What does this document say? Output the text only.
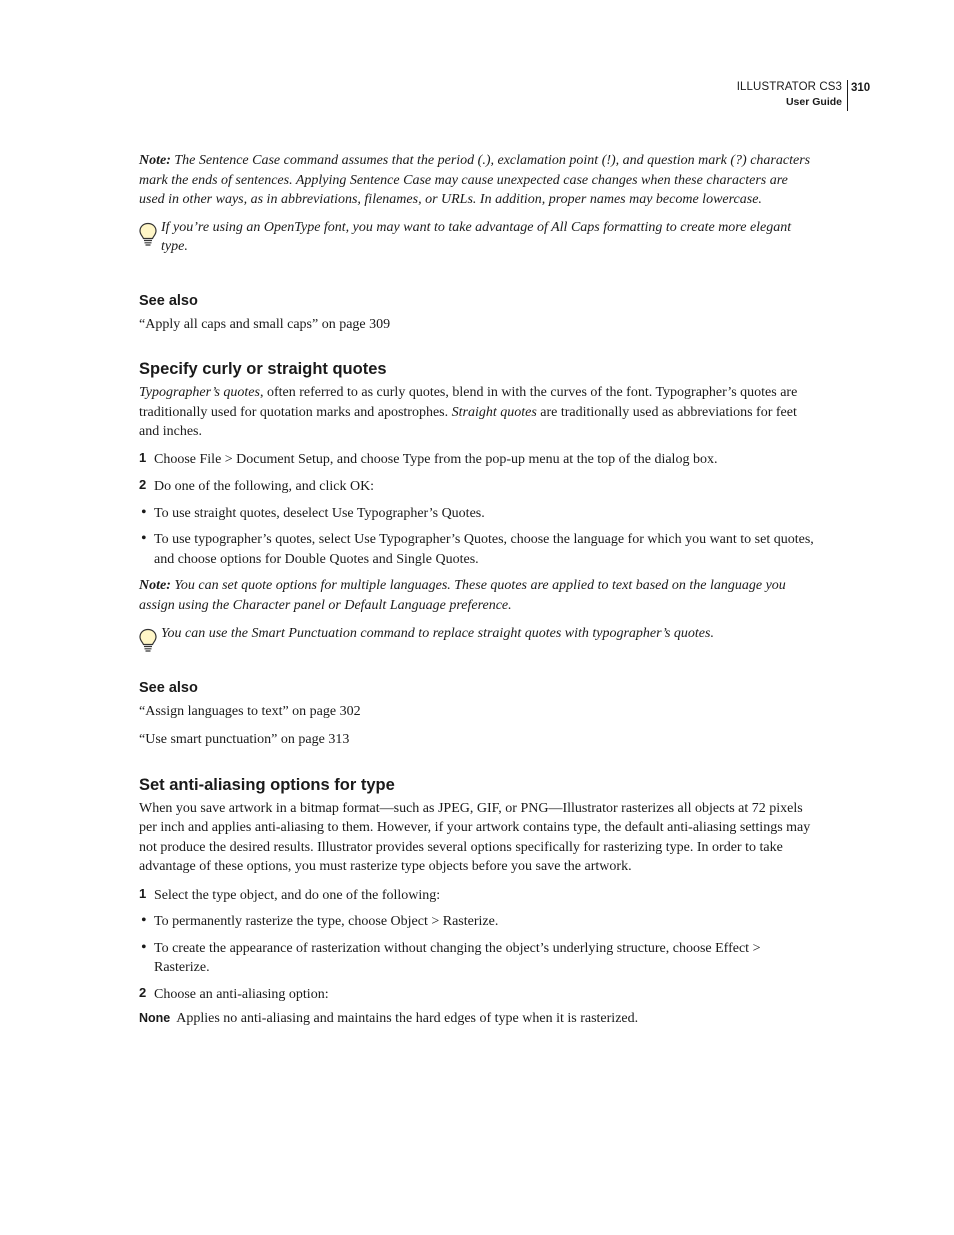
ILLUSTRATOR CS3
User Guide
310

Note: The Sentence Case command assumes that the period (.), exclamation point (!), and question mark (?) characters mark the ends of sentences. Applying Sentence Case may cause unexpected case changes when these characters are used in other ways, as in abbreviations, filenames, or URLs. In addition, proper names may become lowercase.

If you’re using an OpenType font, you may want to take advantage of All Caps formatting to create more elegant type.

See also

“Apply all caps and small caps” on page 309

Specify curly or straight quotes

Typographer’s quotes, often referred to as curly quotes, blend in with the curves of the font. Typographer’s quotes are traditionally used for quotation marks and apostrophes. Straight quotes are traditionally used as abbreviations for feet and inches.

1 Choose File > Document Setup, and choose Type from the pop-up menu at the top of the dialog box.

2 Do one of the following, and click OK:

• To use straight quotes, deselect Use Typographer’s Quotes.

• To use typographer’s quotes, select Use Typographer’s Quotes, choose the language for which you want to set quotes, and choose options for Double Quotes and Single Quotes.

Note: You can set quote options for multiple languages. These quotes are applied to text based on the language you assign using the Character panel or Default Language preference.

You can use the Smart Punctuation command to replace straight quotes with typographer’s quotes.

See also

“Assign languages to text” on page 302

“Use smart punctuation” on page 313

Set anti-aliasing options for type

When you save artwork in a bitmap format—such as JPEG, GIF, or PNG—Illustrator rasterizes all objects at 72 pixels per inch and applies anti-aliasing to them. However, if your artwork contains type, the default anti-aliasing settings may not produce the desired results. Illustrator provides several options specifically for rasterizing type. In order to take advantage of these options, you must rasterize type objects before you save the artwork.

1 Select the type object, and do one of the following:

• To permanently rasterize the type, choose Object > Rasterize.

• To create the appearance of rasterization without changing the object’s underlying structure, choose Effect > Rasterize.

2 Choose an anti-aliasing option:

None Applies no anti-aliasing and maintains the hard edges of type when it is rasterized.
